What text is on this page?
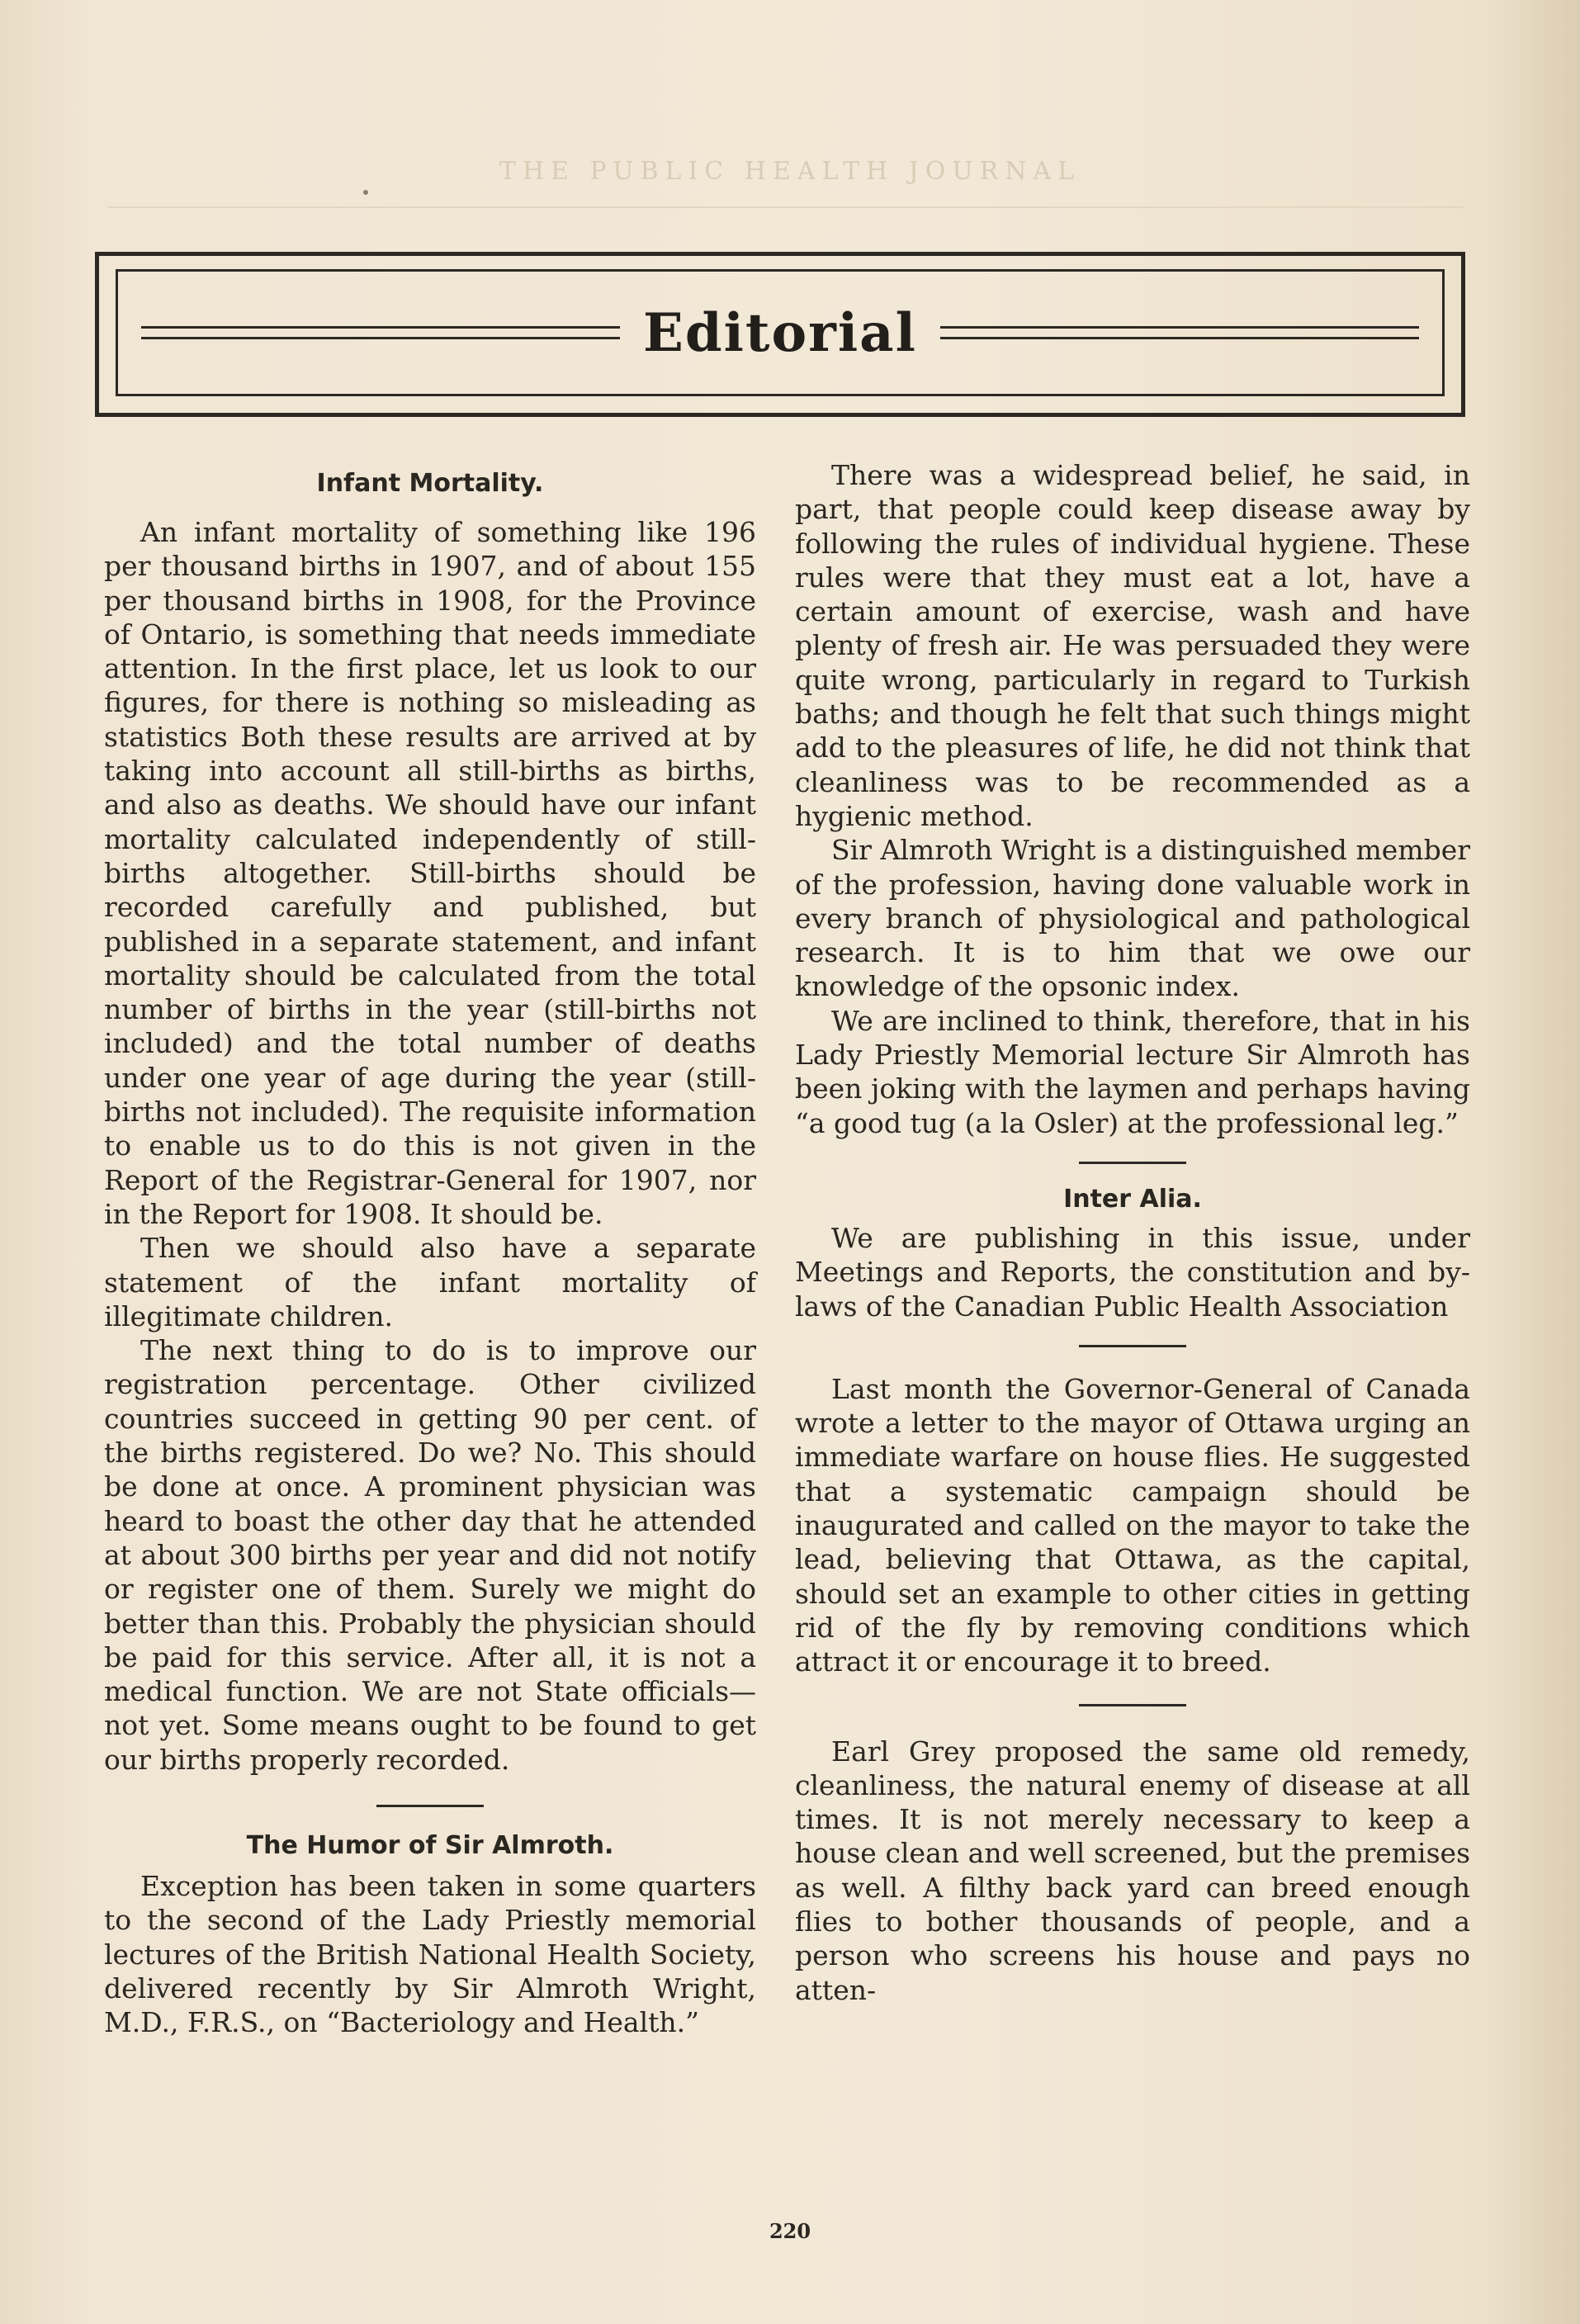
THE PUBLIC HEALTH JOURNAL
Editorial
Infant Mortality.

An infant mortality of something like 196 per thousand births in 1907, and of about 155 per thousand births in 1908, for the Province of Ontario, is something that needs immediate attention. In the first place, let us look to our figures, for there is nothing so misleading as statistics Both these results are arrived at by taking into account all still-births as births, and also as deaths. We should have our infant mortality calculated independently of still-births altogether. Still-births should be recorded carefully and published, but published in a separate statement, and infant mortality should be calculated from the total number of births in the year (still-births not included) and the total number of deaths under one year of age during the year (still-births not included). The requisite information to enable us to do this is not given in the Report of the Registrar-General for 1907, nor in the Report for 1908. It should be.

Then we should also have a separate statement of the infant mortality of illegitimate children.

The next thing to do is to improve our registration percentage. Other civilized countries succeed in getting 90 per cent. of the births registered. Do we? No. This should be done at once. A prominent physician was heard to boast the other day that he attended at about 300 births per year and did not notify or register one of them. Surely we might do better than this. Probably the physician should be paid for this service. After all, it is not a medical function. We are not State officials—not yet. Some means ought to be found to get our births properly recorded.

The Humor of Sir Almroth.

Exception has been taken in some quarters to the second of the Lady Priestly memorial lectures of the British National Health Society, delivered recently by Sir Almroth Wright, M.D., F.R.S., on “Bacteriology and Health.”

There was a widespread belief, he said, in part, that people could keep disease away by following the rules of individual hygiene. These rules were that they must eat a lot, have a certain amount of exercise, wash and have plenty of fresh air. He was persuaded they were quite wrong, particularly in regard to Turkish baths; and though he felt that such things might add to the pleasures of life, he did not think that cleanliness was to be recommended as a hygienic method.

Sir Almroth Wright is a distinguished member of the profession, having done valuable work in every branch of physiological and pathological research. It is to him that we owe our knowledge of the opsonic index.

We are inclined to think, therefore, that in his Lady Priestly Memorial lecture Sir Almroth has been joking with the laymen and perhaps having “a good tug (a la Osler) at the professional leg.”

Inter Alia.

We are publishing in this issue, under Meetings and Reports, the constitution and by-laws of the Canadian Public Health Association

Last month the Governor-General of Canada wrote a letter to the mayor of Ottawa urging an immediate warfare on house flies. He suggested that a systematic campaign should be inaugurated and called on the mayor to take the lead, believing that Ottawa, as the capital, should set an example to other cities in getting rid of the fly by removing conditions which attract it or encourage it to breed.

Earl Grey proposed the same old remedy, cleanliness, the natural enemy of disease at all times. It is not merely necessary to keep a house clean and well screened, but the premises as well. A filthy back yard can breed enough flies to bother thousands of people, and a person who screens his house and pays no atten-

220
